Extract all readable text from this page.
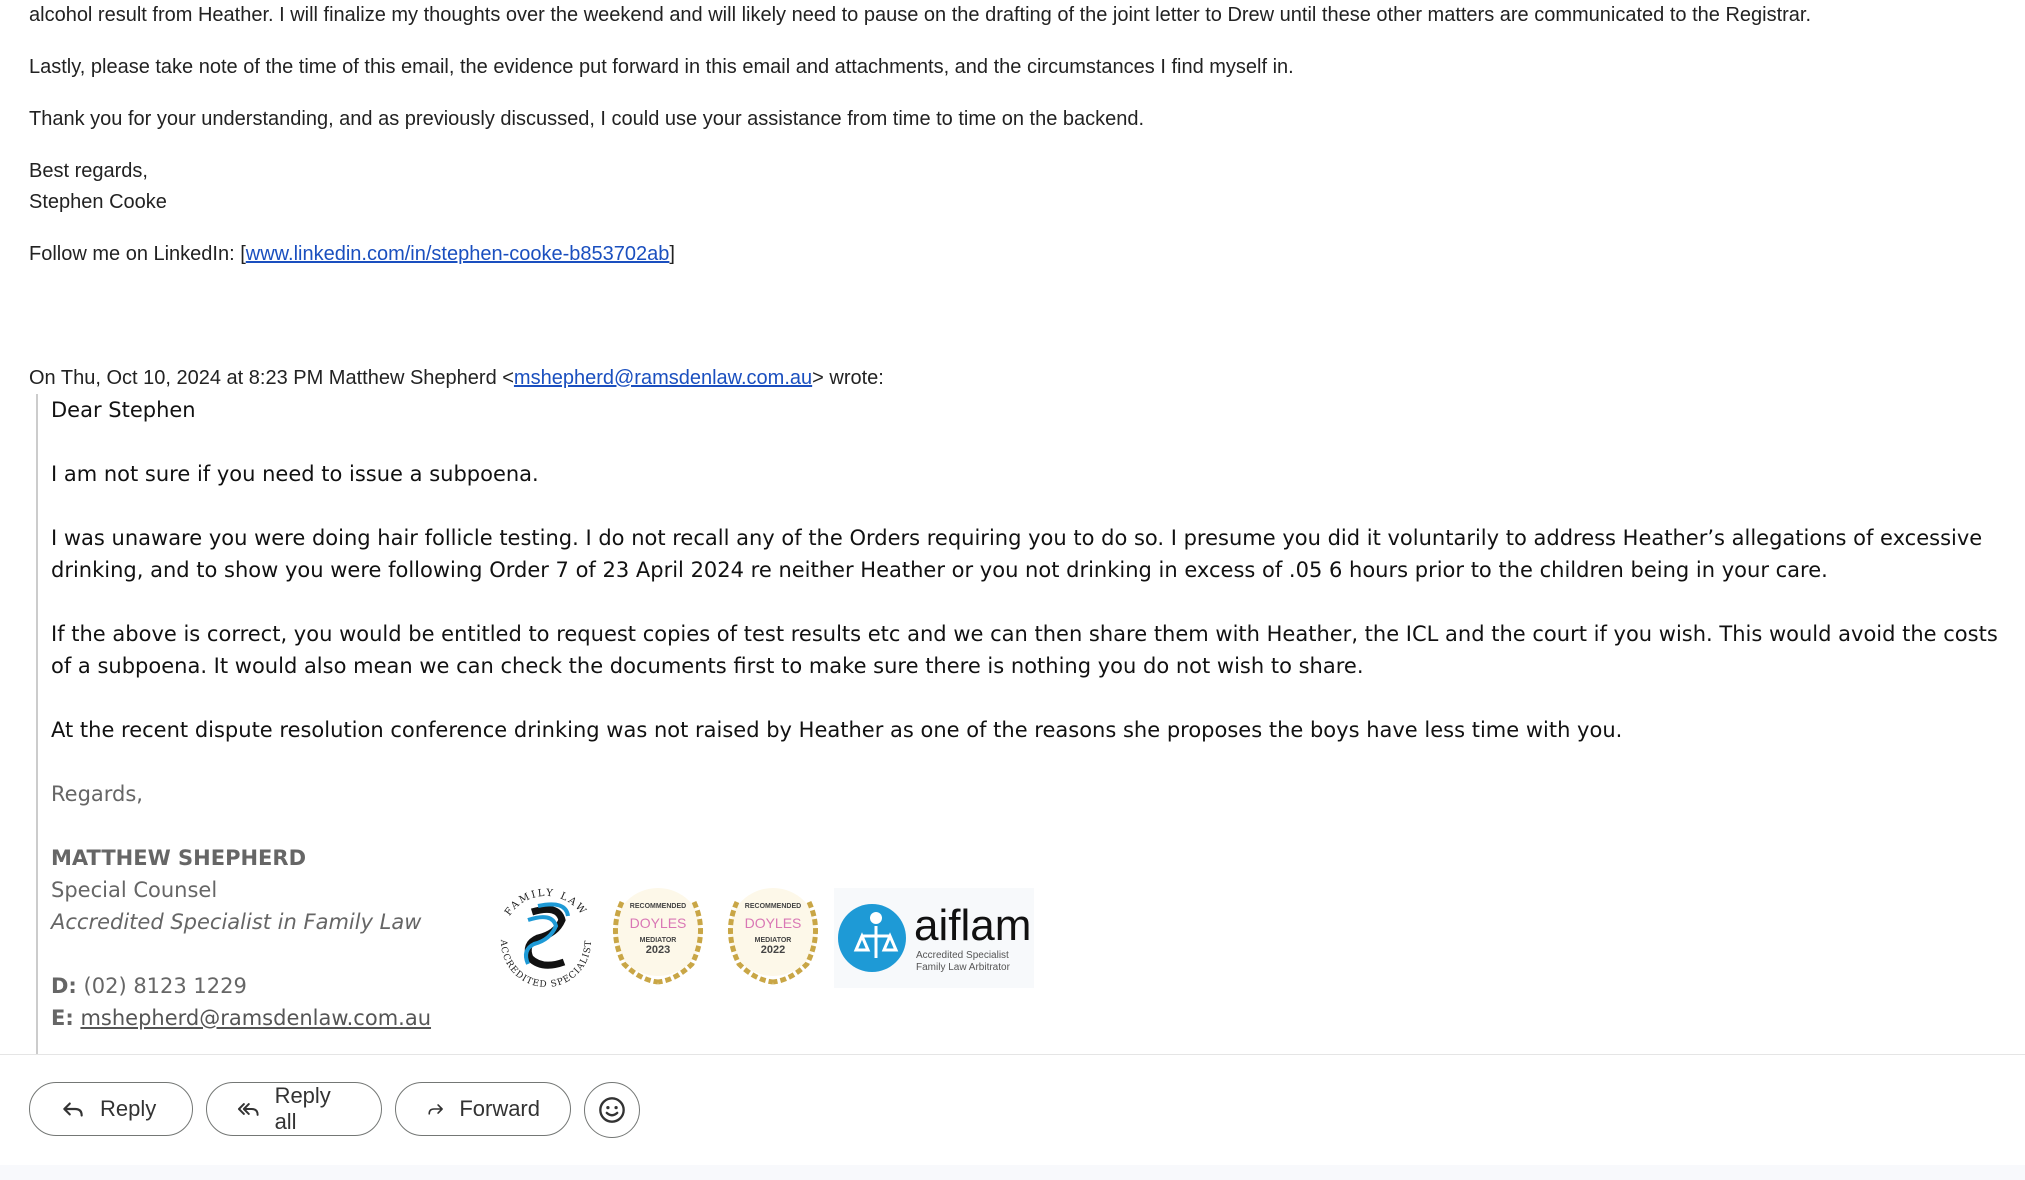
alcohol result from Heather. I will finalize my thoughts over the weekend and will likely need to pause on the drafting of the joint letter to Drew until these other matters are communicated to the Registrar.

Lastly, please take note of the time of this email, the evidence put forward in this email and attachments, and the circumstances I find myself in.

Thank you for your understanding, and as previously discussed, I could use your assistance from time to time on the backend.

Best regards,

Stephen Cooke

Follow me on LinkedIn: [www.linkedin.com/in/stephen-cooke-b853702ab]

On Thu, Oct 10, 2024 at 8:23 PM Matthew Shepherd <mshepherd@ramsdenlaw.com.au> wrote:

Dear Stephen

I am not sure if you need to issue a subpoena.

I was unaware you were doing hair follicle testing. I do not recall any of the Orders requiring you to do so. I presume you did it voluntarily to address Heather’s allegations of excessive drinking, and to show you were following Order 7 of 23 April 2024 re neither Heather or you not drinking in excess of .05 6 hours prior to the children being in your care.

If the above is correct, you would be entitled to request copies of test results etc and we can then share them with Heather, the ICL and the court if you wish. This would avoid the costs of a subpoena. It would also mean we can check the documents first to make sure there is nothing you do not wish to share.

At the recent dispute resolution conference drinking was not raised by Heather as one of the reasons she proposes the boys have less time with you.

Regards,

MATTHEW SHEPHERD

Special Counsel

Accredited Specialist in Family Law

D: (02) 8123 1229

E: mshepherd@ramsdenlaw.com.au

FAMILY LAW
ACCREDITED SPECIALIST
RECOMMENDED
DOYLES
MEDIATOR
2023
RECOMMENDED
DOYLES
MEDIATOR
2022	aiflam
Accredited Specialist
Family Law Arbitrator
Reply
Reply all
Forward
